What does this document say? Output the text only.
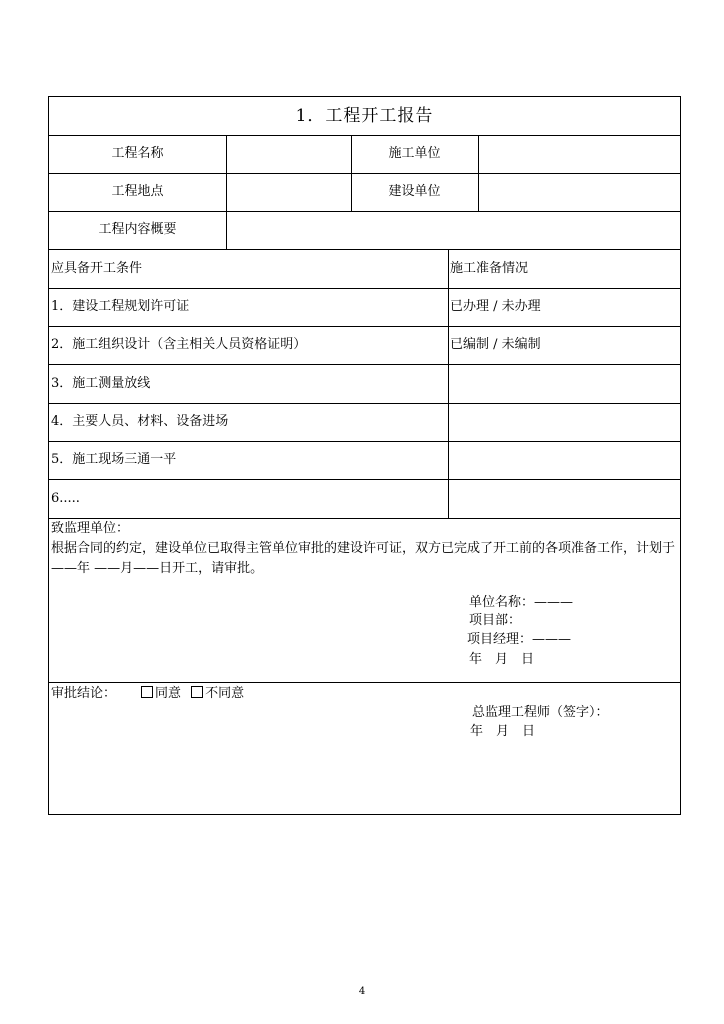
1．工程开工报告
工程名称	施工单位
工程地点	建设单位
工程内容概要
应具备开工条件	施工准备情况
1．建设工程规划许可证	已办理 / 未办理
2．施工组织设计（含主相关人员资格证明）	已编制 / 未编制
3．施工测量放线
4．主要人员、材料、设备进场
5．施工现场三通一平
6.....
致监理单位：
根据合同的约定，建设单位已取得主管单位审批的建设许可证，双方已完成了开工前的各项准备工作，计划于——年 ——月——日开工，请审批。
单位名称：———
项目部：
项目经理：———
年　月　日
审批结论：	同意 不同意
总监理工程师（签字）：
年　月　日
4
